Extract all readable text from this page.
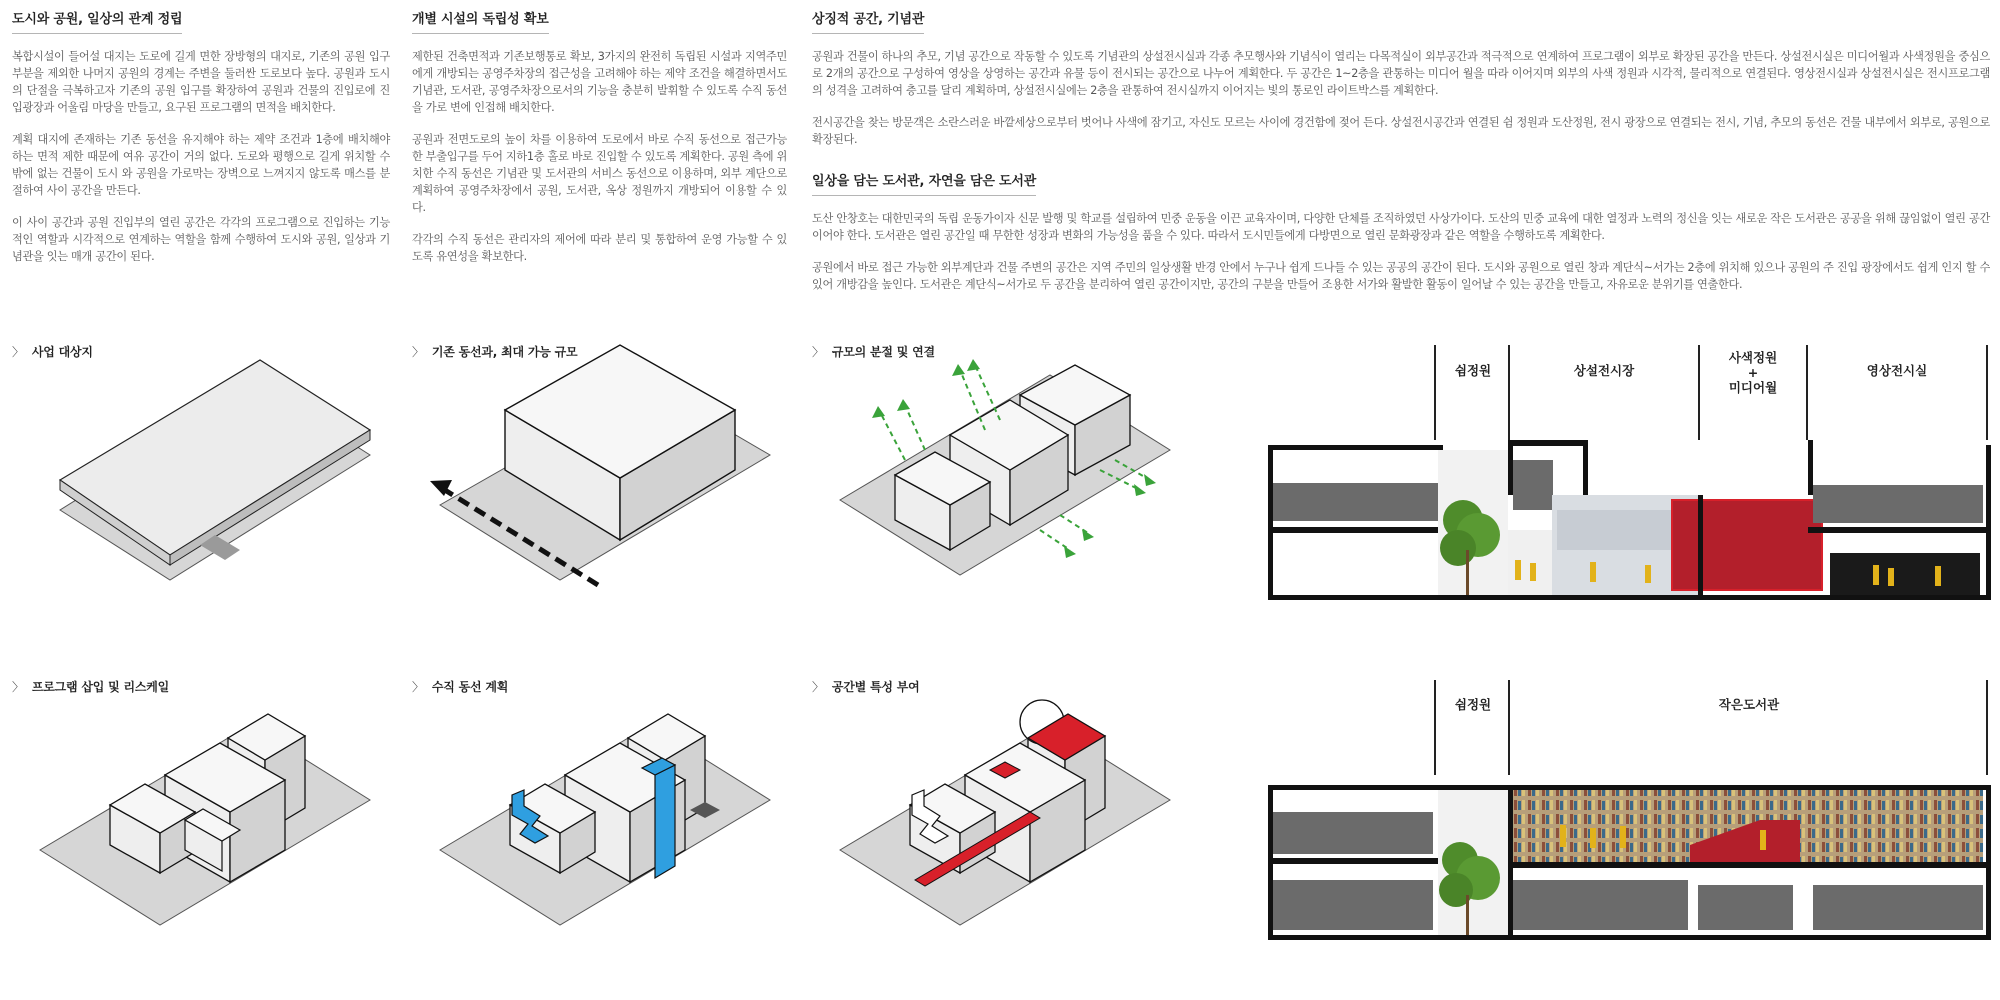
도시와 공원, 일상의 관계 정립

복합시설이 들어설 대지는 도로에 길게 면한 장방형의 대지로, 기존의 공원 입구 부분을 제외한 나머지 공원의 경계는 주변을 둘러싼 도로보다 높다. 공원과 도시의 단절을 극복하고자 기존의 공원 입구를 확장하여 공원과 건물의 진입로에 진입광장과 어울림 마당을 만들고, 요구된 프로그램의 면적을 배치한다.

계획 대지에 존재하는 기존 동선을 유지해야 하는 제약 조건과 1층에 배치해야 하는 면적 제한 때문에 여유 공간이 거의 없다. 도로와 평행으로 길게 위치할 수밖에 없는 건물이 도시 와 공원을 가로막는 장벽으로 느껴지지 않도록 매스를 분절하여 사이 공간을 만든다.

이 사이 공간과 공원 진입부의 열린 공간은 각각의 프로그램으로 진입하는 기능적인 역할과 시각적으로 연계하는 역할을 함께 수행하여 도시와 공원, 일상과 기념관을 잇는 매개 공간이 된다.

개별 시설의 독립성 확보

제한된 건축면적과 기존보행통로 확보, 3가지의 완전히 독립된 시설과 지역주민에게 개방되는 공영주차장의 접근성을 고려해야 하는 제약 조건을 해결하면서도 기념관, 도서관, 공영주차장으로서의 기능을 충분히 발휘할 수 있도록 수직 동선을 가로 변에 인접해 배치한다.

공원과 전면도로의 높이 차를 이용하여 도로에서 바로 수직 동선으로 접근가능한 부출입구를 두어 지하1층 홀로 바로 진입할 수 있도록 계획한다. 공원 측에 위치한 수직 동선은 기념관 및 도서관의 서비스 동선으로 이용하며, 외부 계단으로 계획하여 공영주차장에서 공원, 도서관, 옥상 정원까지 개방되어 이용할 수 있다.

각각의 수직 동선은 관리자의 제어에 따라 분리 및 통합하여 운영 가능할 수 있도록 유연성을 확보한다.

상징적 공간, 기념관

공원과 건물이 하나의 추모, 기념 공간으로 작동할 수 있도록 기념관의 상설전시실과 각종 추모행사와 기념식이 열리는 다목적실이 외부공간과 적극적으로 연계하여 프로그램이 외부로 확장된 공간을 만든다. 상설전시실은 미디어월과 사색정원을 중심으로 2개의 공간으로 구성하여 영상을 상영하는 공간과 유물 등이 전시되는 공간으로 나누어 계획한다. 두 공간은 1~2층을 관통하는 미디어 월을 따라 이어지며 외부의 사색 정원과 시각적, 물리적으로 연결된다. 영상전시실과 상설전시실은 전시프로그램의 성격을 고려하여 층고를 달리 계획하며, 상설전시실에는 2층을 관통하여 전시실까지 이어지는 빛의 통로인 라이트박스를 계획한다.

전시공간을 찾는 방문객은 소란스러운 바깥세상으로부터 벗어나 사색에 잠기고, 자신도 모르는 사이에 경건함에 젖어 든다. 상설전시공간과 연결된 쉼 정원과 도산정원, 전시 광장으로 연결되는 전시, 기념, 추모의 동선은 건물 내부에서 외부로, 공원으로 확장된다.

일상을 담는 도서관, 자연을 담은 도서관

도산 안창호는 대한민국의 독립 운동가이자 신문 발행 및 학교를 설립하여 민중 운동을 이끈 교육자이며, 다양한 단체를 조직하였던 사상가이다. 도산의 민중 교육에 대한 열정과 노력의 정신을 잇는 새로운 작은 도서관은 공공을 위해 끊임없이 열린 공간이어야 한다. 도서관은 열린 공간일 때 무한한 성장과 변화의 가능성을 품을 수 있다. 따라서 도시민들에게 다방면으로 열린 문화광장과 같은 역할을 수행하도록 계획한다.

공원에서 바로 접근 가능한 외부계단과 건물 주변의 공간은 지역 주민의 일상생활 반경 안에서 누구나 쉽게 드나들 수 있는 공공의 공간이 된다. 도시와 공원으로 열린 창과 계단식~서가는 2층에 위치해 있으나 공원의 주 진입 광장에서도 쉽게 인지 할 수 있어 개방감을 높인다. 도서관은 계단식~서가로 두 공간을 분리하여 열린 공간이지만, 공간의 구분을 만들어 조용한 서가와 활발한 활동이 일어날 수 있는 공간을 만들고, 자유로운 분위기를 연출한다.

〉 사업 대상지	〉 기존 동선과, 최대 가능 규모	〉 규모의 분절 및 연결
〉 프로그램 삽입 및 리스케일	〉 수직 동선 계획	〉 공간별 특성 부여
쉼정원	상설전시장
사색정원
+
미디어월
영상전시실
쉼정원	작은도서관
